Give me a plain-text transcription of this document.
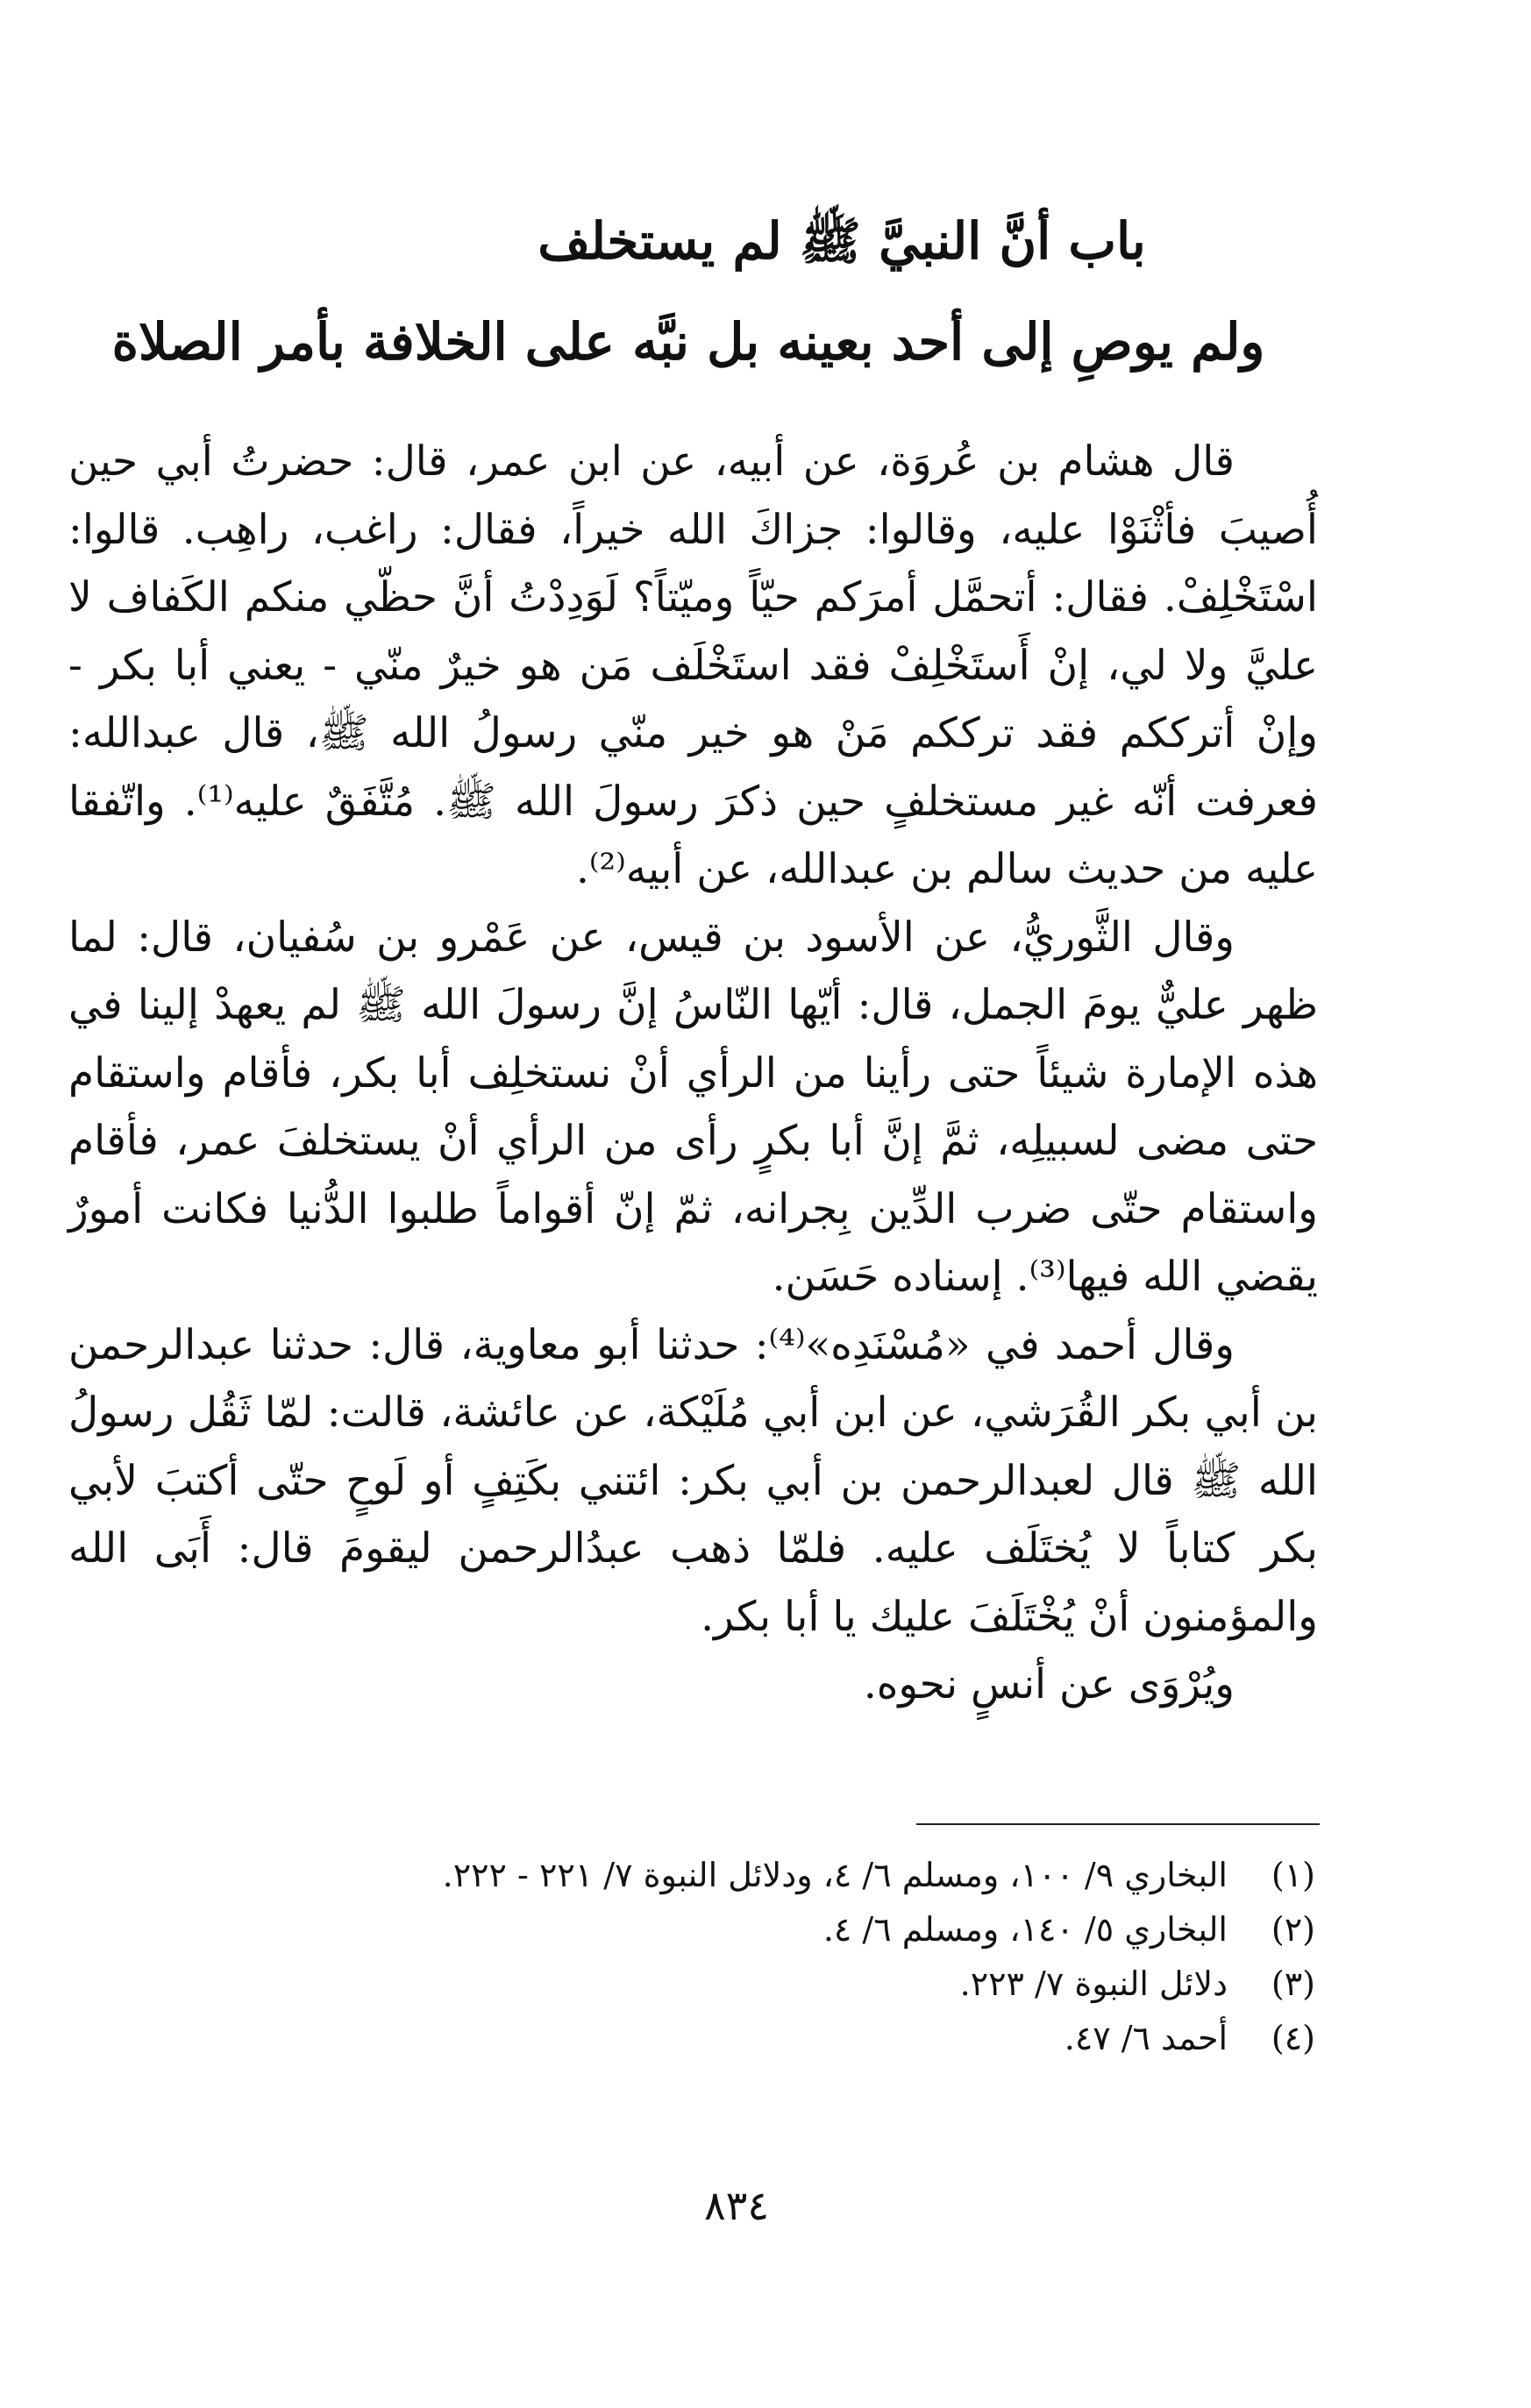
باب أنَّ النبيَّ ﷺ لم يستخلف
ولم يوصِ إلى أحد بعينه بل نبَّه على الخلافة بأمر الصلاة

قال هشام بن عُروَة، عن أبيه، عن ابن عمر، قال: حضرتُ أبي حين أُصيبَ فأثْنَوْا عليه، وقالوا: جزاكَ الله خيراً، فقال: راغب، راهِب. قالوا: اسْتَخْلِفْ. فقال: أتحمَّل أمرَكم حيّاً وميّتاً؟ لَوَدِدْتُ أنَّ حظّي منكم الكَفاف لا عليَّ ولا لي، إنْ أَستَخْلِفْ فقد استَخْلَف مَن هو خيرٌ منّي - يعني أبا بكر - وإنْ أترككم فقد ترككم مَنْ هو خير منّي رسولُ الله ﷺ، قال عبدالله: فعرفت أنّه غير مستخلفٍ حين ذكرَ رسولَ الله ﷺ. مُتَّفَقٌ عليه⁽¹⁾. واتّفقا عليه من حديث سالم بن عبدالله، عن أبيه⁽²⁾.

وقال الثَّوريُّ، عن الأسود بن قيس، عن عَمْرو بن سُفيان، قال: لما ظهر عليٌّ يومَ الجمل، قال: أيّها النّاسُ إنَّ رسولَ الله ﷺ لم يعهدْ إلينا في هذه الإمارة شيئاً حتى رأينا من الرأي أنْ نستخلِف أبا بكر، فأقام واستقام حتى مضى لسبيلِه، ثمَّ إنَّ أبا بكرٍ رأى من الرأي أنْ يستخلفَ عمر، فأقام واستقام حتّى ضرب الدِّين بِجرانه، ثمّ إنّ أقواماً طلبوا الدُّنيا فكانت أمورٌ يقضي الله فيها⁽³⁾. إسناده حَسَن.

وقال أحمد في «مُسْنَدِه»⁽⁴⁾: حدثنا أبو معاوية، قال: حدثنا عبدالرحمن بن أبي بكر القُرَشي، عن ابن أبي مُلَيْكة، عن عائشة، قالت: لمّا ثَقُل رسولُ الله ﷺ قال لعبدالرحمن بن أبي بكر: ائتني بكَتِفٍ أو لَوحٍ حتّى أكتبَ لأبي بكر كتاباً لا يُختَلَف عليه. فلمّا ذهب عبدُالرحمن ليقومَ قال: أَبَى الله والمؤمنون أنْ يُخْتَلَفَ عليك يا أبا بكر.

ويُرْوَى عن أنسٍ نحوه.

(١)
البخاري ٩/ ١٠٠، ومسلم ٦/ ٤، ودلائل النبوة ٧/ ٢٢١ - ٢٢٢.
(٢)
البخاري ٥/ ١٤٠، ومسلم ٦/ ٤.
(٣)
دلائل النبوة ٧/ ٢٢٣.
(٤)
أحمد ٦/ ٤٧.
٨٣٤
